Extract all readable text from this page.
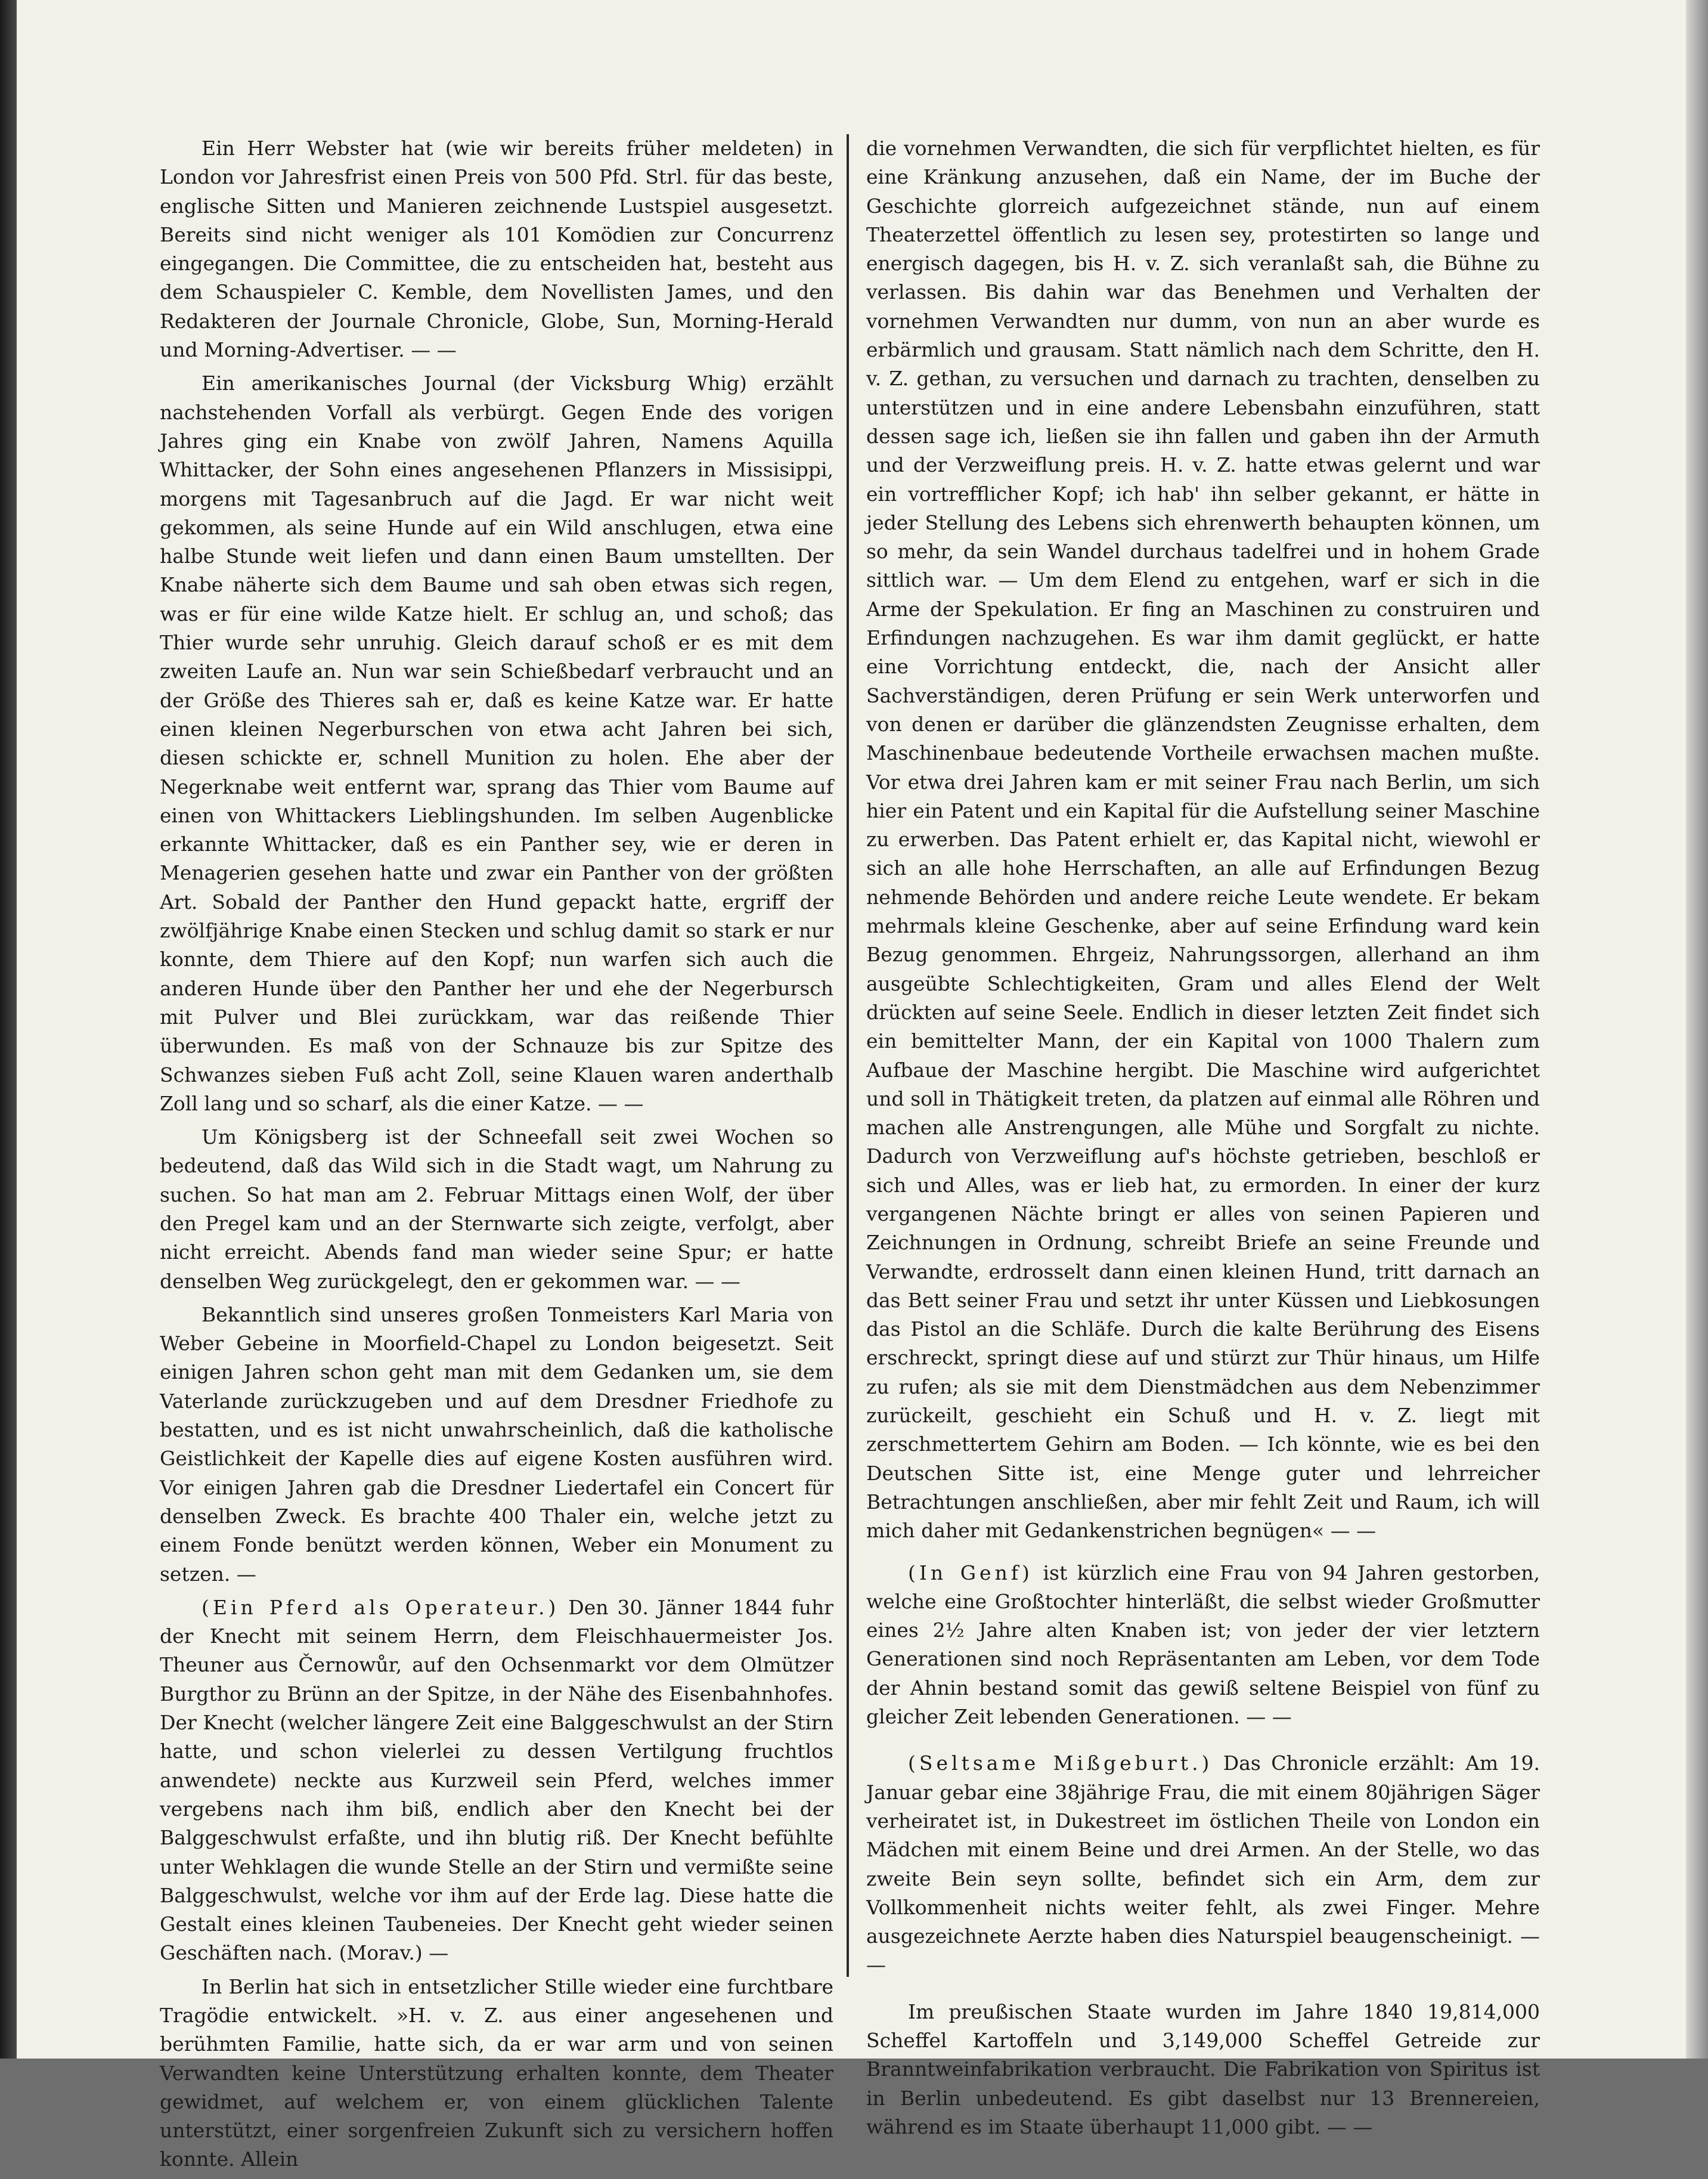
Ein Herr Webster hat (wie wir bereits früher meldeten) in London vor Jahresfrist einen Preis von 500 Pfd. Strl. für das beste, englische Sitten und Manieren zeichnende Lustspiel ausgesetzt. Bereits sind nicht weniger als 101 Komödien zur Concurrenz eingegangen. Die Committee, die zu entscheiden hat, besteht aus dem Schauspieler C. Kemble, dem Novellisten James, und den Redakteren der Journale Chronicle, Globe, Sun, Morning-Herald und Morning-Advertiser. — —

Ein amerikanisches Journal (der Vicksburg Whig) erzählt nachstehenden Vorfall als verbürgt. Gegen Ende des vorigen Jahres ging ein Knabe von zwölf Jahren, Namens Aquilla Whittacker, der Sohn eines angesehenen Pflanzers in Missisippi, morgens mit Tagesanbruch auf die Jagd. Er war nicht weit gekommen, als seine Hunde auf ein Wild anschlugen, etwa eine halbe Stunde weit liefen und dann einen Baum umstellten. Der Knabe näherte sich dem Baume und sah oben etwas sich regen, was er für eine wilde Katze hielt. Er schlug an, und schoß; das Thier wurde sehr unruhig. Gleich darauf schoß er es mit dem zweiten Laufe an. Nun war sein Schießbedarf verbraucht und an der Größe des Thieres sah er, daß es keine Katze war. Er hatte einen kleinen Negerburschen von etwa acht Jahren bei sich, diesen schickte er, schnell Munition zu holen. Ehe aber der Negerknabe weit entfernt war, sprang das Thier vom Baume auf einen von Whittackers Lieblingshunden. Im selben Augenblicke erkannte Whittacker, daß es ein Panther sey, wie er deren in Menagerien gesehen hatte und zwar ein Panther von der größten Art. Sobald der Panther den Hund gepackt hatte, ergriff der zwölfjährige Knabe einen Stecken und schlug damit so stark er nur konnte, dem Thiere auf den Kopf; nun warfen sich auch die anderen Hunde über den Panther her und ehe der Negerbursch mit Pulver und Blei zurückkam, war das reißende Thier überwunden. Es maß von der Schnauze bis zur Spitze des Schwanzes sieben Fuß acht Zoll, seine Klauen waren anderthalb Zoll lang und so scharf, als die einer Katze. — —

Um Königsberg ist der Schneefall seit zwei Wochen so bedeutend, daß das Wild sich in die Stadt wagt, um Nahrung zu suchen. So hat man am 2. Februar Mittags einen Wolf, der über den Pregel kam und an der Sternwarte sich zeigte, verfolgt, aber nicht erreicht. Abends fand man wieder seine Spur; er hatte denselben Weg zurückgelegt, den er gekommen war. — —

Bekanntlich sind unseres großen Tonmeisters Karl Maria von Weber Gebeine in Moorfield-Chapel zu London beigesetzt. Seit einigen Jahren schon geht man mit dem Gedanken um, sie dem Vaterlande zurückzugeben und auf dem Dresdner Friedhofe zu bestatten, und es ist nicht unwahrscheinlich, daß die katholische Geistlichkeit der Kapelle dies auf eigene Kosten ausführen wird. Vor einigen Jahren gab die Dresdner Liedertafel ein Concert für denselben Zweck. Es brachte 400 Thaler ein, welche jetzt zu einem Fonde benützt werden können, Weber ein Monument zu setzen. —

(Ein Pferd als Operateur.) Den 30. Jänner 1844 fuhr der Knecht mit seinem Herrn, dem Fleischhauermeister Jos. Theuner aus Černowůr, auf den Ochsenmarkt vor dem Olmützer Burgthor zu Brünn an der Spitze, in der Nähe des Eisenbahnhofes. Der Knecht (welcher längere Zeit eine Balggeschwulst an der Stirn hatte, und schon vielerlei zu dessen Vertilgung fruchtlos anwendete) neckte aus Kurzweil sein Pferd, welches immer vergebens nach ihm biß, endlich aber den Knecht bei der Balggeschwulst erfaßte, und ihn blutig riß. Der Knecht befühlte unter Wehklagen die wunde Stelle an der Stirn und vermißte seine Balggeschwulst, welche vor ihm auf der Erde lag. Diese hatte die Gestalt eines kleinen Taubeneies. Der Knecht geht wieder seinen Geschäften nach. (Morav.) —

In Berlin hat sich in entsetzlicher Stille wieder eine furchtbare Tragödie entwickelt. »H. v. Z. aus einer angesehenen und berühmten Familie, hatte sich, da er war arm und von seinen Verwandten keine Unterstützung erhalten konnte, dem Theater gewidmet, auf welchem er, von einem glücklichen Talente unterstützt, einer sorgenfreien Zukunft sich zu versichern hoffen konnte. Allein

die vornehmen Verwandten, die sich für verpflichtet hielten, es für eine Kränkung anzusehen, daß ein Name, der im Buche der Geschichte glorreich aufgezeichnet stände, nun auf einem Theaterzettel öffentlich zu lesen sey, protestirten so lange und energisch dagegen, bis H. v. Z. sich veranlaßt sah, die Bühne zu verlassen. Bis dahin war das Benehmen und Verhalten der vornehmen Verwandten nur dumm, von nun an aber wurde es erbärmlich und grausam. Statt nämlich nach dem Schritte, den H. v. Z. gethan, zu versuchen und darnach zu trachten, denselben zu unterstützen und in eine andere Lebensbahn einzuführen, statt dessen sage ich, ließen sie ihn fallen und gaben ihn der Armuth und der Verzweiflung preis. H. v. Z. hatte etwas gelernt und war ein vortrefflicher Kopf; ich hab' ihn selber gekannt, er hätte in jeder Stellung des Lebens sich ehrenwerth behaupten können, um so mehr, da sein Wandel durchaus tadelfrei und in hohem Grade sittlich war. — Um dem Elend zu entgehen, warf er sich in die Arme der Spekulation. Er fing an Maschinen zu construiren und Erfindungen nachzugehen. Es war ihm damit geglückt, er hatte eine Vorrichtung entdeckt, die, nach der Ansicht aller Sachverständigen, deren Prüfung er sein Werk unterworfen und von denen er darüber die glänzendsten Zeugnisse erhalten, dem Maschinenbaue bedeutende Vortheile erwachsen machen mußte. Vor etwa drei Jahren kam er mit seiner Frau nach Berlin, um sich hier ein Patent und ein Kapital für die Aufstellung seiner Maschine zu erwerben. Das Patent erhielt er, das Kapital nicht, wiewohl er sich an alle hohe Herrschaften, an alle auf Erfindungen Bezug nehmende Behörden und andere reiche Leute wendete. Er bekam mehrmals kleine Geschenke, aber auf seine Erfindung ward kein Bezug genommen. Ehrgeiz, Nahrungssorgen, allerhand an ihm ausgeübte Schlechtigkeiten, Gram und alles Elend der Welt drückten auf seine Seele. Endlich in dieser letzten Zeit findet sich ein bemittelter Mann, der ein Kapital von 1000 Thalern zum Aufbaue der Maschine hergibt. Die Maschine wird aufgerichtet und soll in Thätigkeit treten, da platzen auf einmal alle Röhren und machen alle Anstrengungen, alle Mühe und Sorgfalt zu nichte. Dadurch von Verzweiflung auf's höchste getrieben, beschloß er sich und Alles, was er lieb hat, zu ermorden. In einer der kurz vergangenen Nächte bringt er alles von seinen Papieren und Zeichnungen in Ordnung, schreibt Briefe an seine Freunde und Verwandte, erdrosselt dann einen kleinen Hund, tritt darnach an das Bett seiner Frau und setzt ihr unter Küssen und Liebkosungen das Pistol an die Schläfe. Durch die kalte Berührung des Eisens erschreckt, springt diese auf und stürzt zur Thür hinaus, um Hilfe zu rufen; als sie mit dem Dienstmädchen aus dem Nebenzimmer zurückeilt, geschieht ein Schuß und H. v. Z. liegt mit zerschmettertem Gehirn am Boden. — Ich könnte, wie es bei den Deutschen Sitte ist, eine Menge guter und lehrreicher Betrachtungen anschließen, aber mir fehlt Zeit und Raum, ich will mich daher mit Gedankenstrichen begnügen« — —

(In Genf) ist kürzlich eine Frau von 94 Jahren gestorben, welche eine Großtochter hinterläßt, die selbst wieder Großmutter eines 2½ Jahre alten Knaben ist; von jeder der vier letztern Generationen sind noch Repräsentanten am Leben, vor dem Tode der Ahnin bestand somit das gewiß seltene Beispiel von fünf zu gleicher Zeit lebenden Generationen. — —

(Seltsame Mißgeburt.) Das Chronicle erzählt: Am 19. Januar gebar eine 38jährige Frau, die mit einem 80jährigen Säger verheiratet ist, in Dukestreet im östlichen Theile von London ein Mädchen mit einem Beine und drei Armen. An der Stelle, wo das zweite Bein seyn sollte, befindet sich ein Arm, dem zur Vollkommenheit nichts weiter fehlt, als zwei Finger. Mehre ausgezeichnete Aerzte haben dies Naturspiel beaugenscheinigt. — —

Im preußischen Staate wurden im Jahre 1840 19,814,000 Scheffel Kartoffeln und 3,149,000 Scheffel Getreide zur Branntweinfabrikation verbraucht. Die Fabrikation von Spiritus ist in Berlin unbedeutend. Es gibt daselbst nur 13 Brennereien, während es im Staate überhaupt 11,000 gibt. — —
